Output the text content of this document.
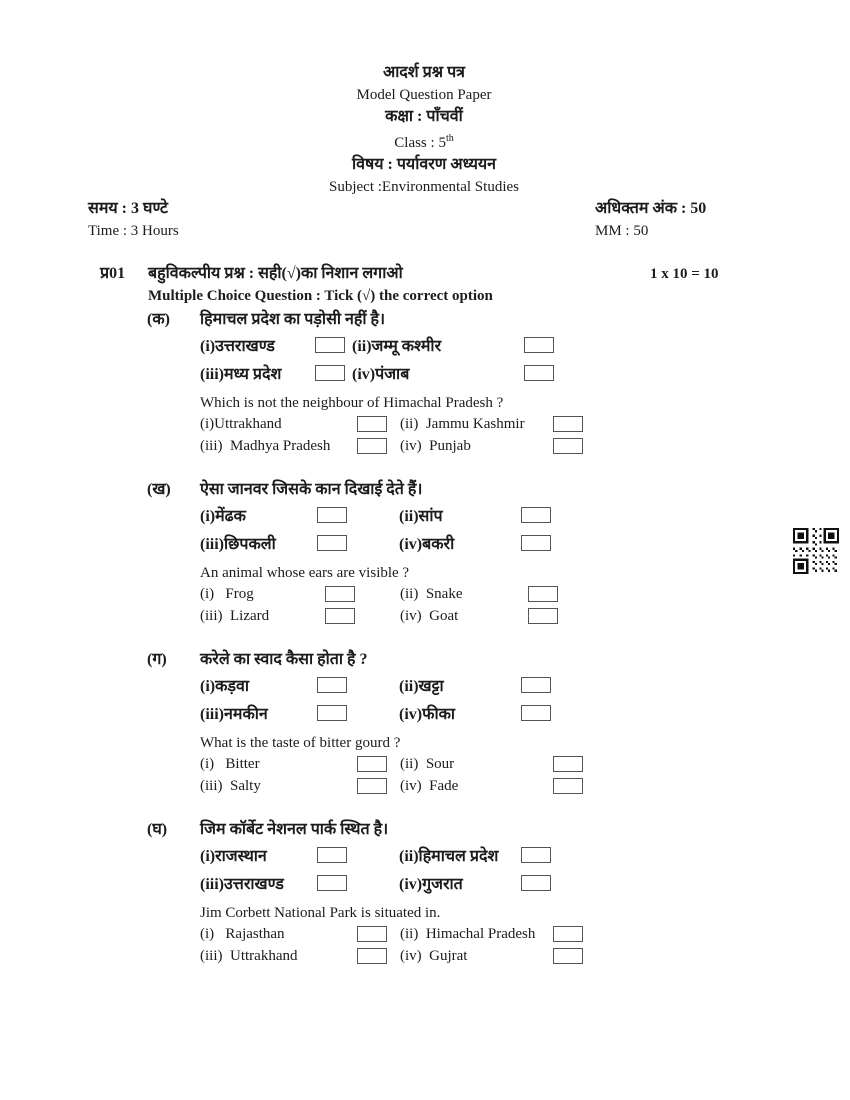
आदर्श प्रश्न पत्र
Model Question Paper
कक्षा : पाँचवीं
Class : 5th
विषय : पर्यावरण अध्ययन
Subject :Environmental Studies
समय : 3 घण्टे	अधिक्तम अंक : 50
Time : 3 Hours	MM : 50
प्र01	बहुविकल्पीय प्रश्न : सही(√)का निशान लगाओ	1 x 10 = 10
Multiple Choice Question : Tick (√) the correct option
(क) हिमाचल प्रदेश का पड़ोसी नहीं है।
(i)उत्तराखण्ड	(ii)जम्मू कश्मीर
(iii)मध्य प्रदेश	(iv)पंजाब
Which is not the neighbour of Himachal Pradesh ?
(i)Uttrakhand	(ii)  Jammu Kashmir
(iii)  Madhya Pradesh	(iv)  Punjab
(ख) ऐसा जानवर जिसके कान दिखाई देते हैं।
(i)मेंढक	(ii)सांप
(iii)छिपकली	(iv)बकरी
An animal whose ears are visible ?
(i)   Frog	(ii)  Snake
(iii)  Lizard	(iv)  Goat
(ग) करेले का स्वाद कैसा होता है ?
(i)कड़वा	(ii)खट्टा
(iii)नमकीन	(iv)फीका
What is the taste of bitter gourd ?
(i)   Bitter	(ii)  Sour
(iii)  Salty	(iv)  Fade
(घ) जिम कॉर्बेट नेशनल पार्क स्थित है।
(i)राजस्थान	(ii)हिमाचल प्रदेश
(iii)उत्तराखण्ड	(iv)गुजरात
Jim Corbett National Park is situated in.
(i)   Rajasthan	(ii)  Himachal Pradesh
(iii)  Uttrakhand	(iv)  Gujrat
